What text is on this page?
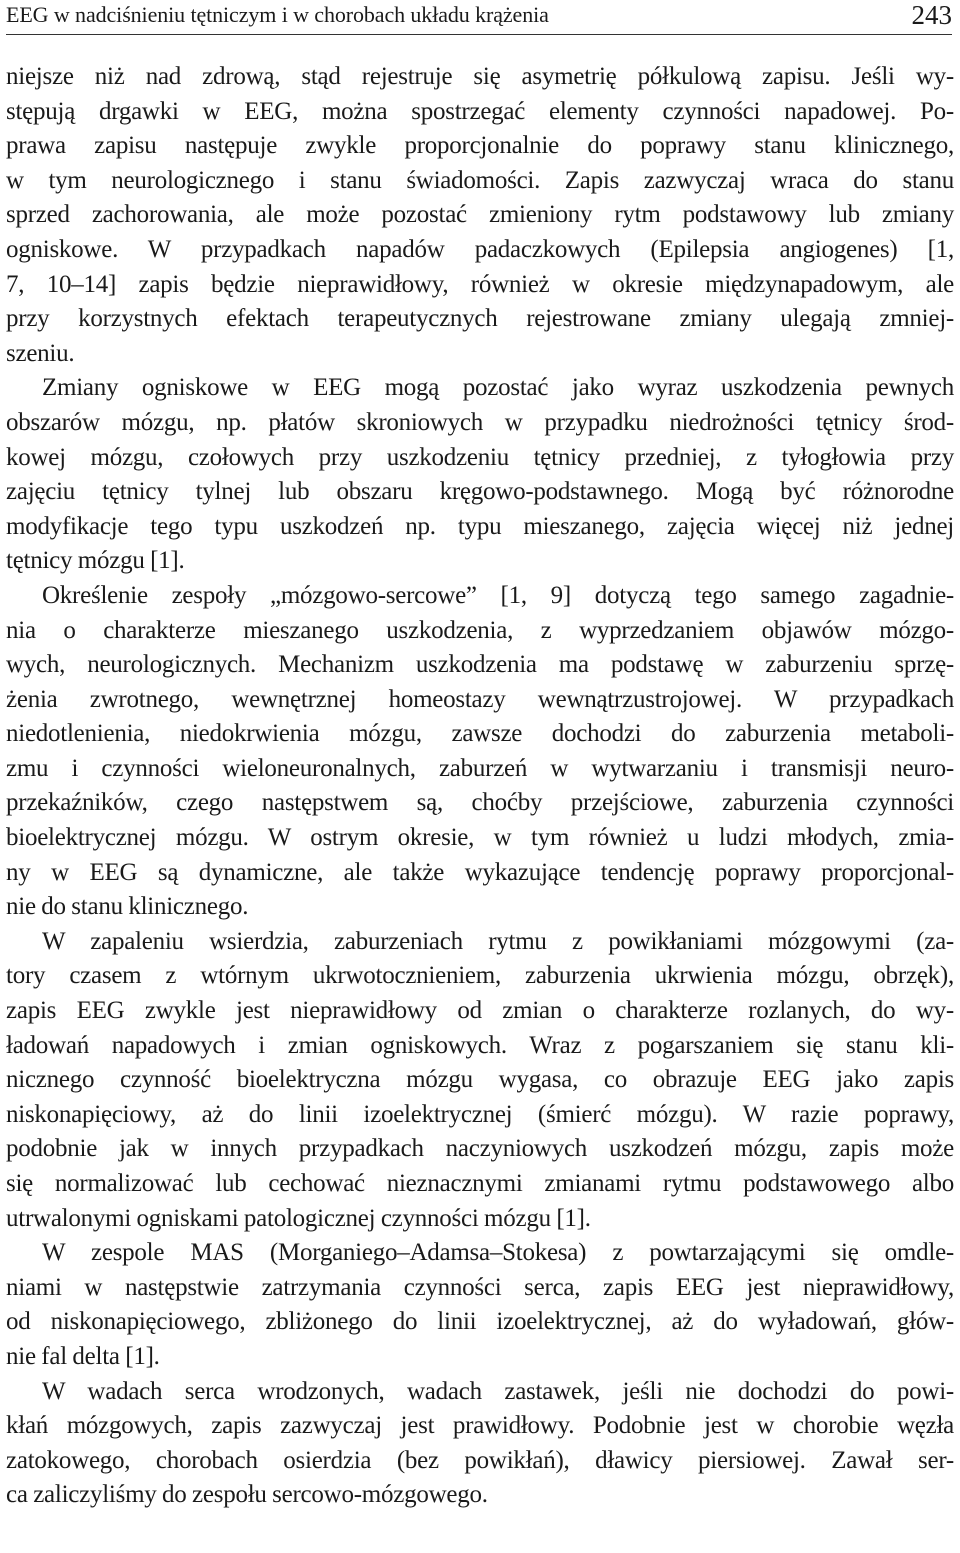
EEG w nadciśnieniu tętniczym i w chorobach układu krążenia	243
niejsze niż nad zdrową, stąd rejestruje się asymetrię półkulową zapisu. Jeśli wy-
stępują drgawki w EEG, można spostrzegać elementy czynności napadowej. Po-
prawa zapisu następuje zwykle proporcjonalnie do poprawy stanu klinicznego,
w tym neurologicznego i stanu świadomości. Zapis zazwyczaj wraca do stanu
sprzed zachorowania, ale może pozostać zmieniony rytm podstawowy lub zmiany
ogniskowe. W przypadkach napadów padaczkowych (Epilepsia angiogenes) [1,
7, 10–14] zapis będzie nieprawidłowy, również w okresie międzynapadowym, ale
przy korzystnych efektach terapeutycznych rejestrowane zmiany ulegają zmniej-
szeniu.
Zmiany ogniskowe w EEG mogą pozostać jako wyraz uszkodzenia pewnych
obszarów mózgu, np. płatów skroniowych w przypadku niedrożności tętnicy środ-
kowej mózgu, czołowych przy uszkodzeniu tętnicy przedniej, z tyłogłowia przy
zajęciu tętnicy tylnej lub obszaru kręgowo-podstawnego. Mogą być różnorodne
modyfikacje tego typu uszkodzeń np. typu mieszanego, zajęcia więcej niż jednej
tętnicy mózgu [1].
Określenie zespoły „mózgowo-sercowe” [1, 9] dotyczą tego samego zagadnie-
nia o charakterze mieszanego uszkodzenia, z wyprzedzaniem objawów mózgo-
wych, neurologicznych. Mechanizm uszkodzenia ma podstawę w zaburzeniu sprzę-
żenia zwrotnego, wewnętrznej homeostazy wewnątrzustrojowej. W przypadkach
niedotlenienia, niedokrwienia mózgu, zawsze dochodzi do zaburzenia metaboli-
zmu i czynności wieloneuronalnych, zaburzeń w wytwarzaniu i transmisji neuro-
przekaźników, czego następstwem są, choćby przejściowe, zaburzenia czynności
bioelektrycznej mózgu. W ostrym okresie, w tym również u ludzi młodych, zmia-
ny w EEG są dynamiczne, ale także wykazujące tendencję poprawy proporcjonal-
nie do stanu klinicznego.
W zapaleniu wsierdzia, zaburzeniach rytmu z powikłaniami mózgowymi (za-
tory czasem z wtórnym ukrwotocznieniem, zaburzenia ukrwienia mózgu, obrzęk),
zapis EEG zwykle jest nieprawidłowy od zmian o charakterze rozlanych, do wy-
ładowań napadowych i zmian ogniskowych. Wraz z pogarszaniem się stanu kli-
nicznego czynność bioelektryczna mózgu wygasa, co obrazuje EEG jako zapis
niskonapięciowy, aż do linii izoelektrycznej (śmierć mózgu). W razie poprawy,
podobnie jak w innych przypadkach naczyniowych uszkodzeń mózgu, zapis może
się normalizować lub cechować nieznacznymi zmianami rytmu podstawowego albo
utrwalonymi ogniskami patologicznej czynności mózgu [1].
W zespole MAS (Morganiego–Adamsa–Stokesa) z powtarzającymi się omdle-
niami w następstwie zatrzymania czynności serca, zapis EEG jest nieprawidłowy,
od niskonapięciowego, zbliżonego do linii izoelektrycznej, aż do wyładowań, głów-
nie fal delta [1].
W wadach serca wrodzonych, wadach zastawek, jeśli nie dochodzi do powi-
kłań mózgowych, zapis zazwyczaj jest prawidłowy. Podobnie jest w chorobie węzła
zatokowego, chorobach osierdzia (bez powikłań), dławicy piersiowej. Zawał ser-
ca zaliczyliśmy do zespołu sercowo-mózgowego.
